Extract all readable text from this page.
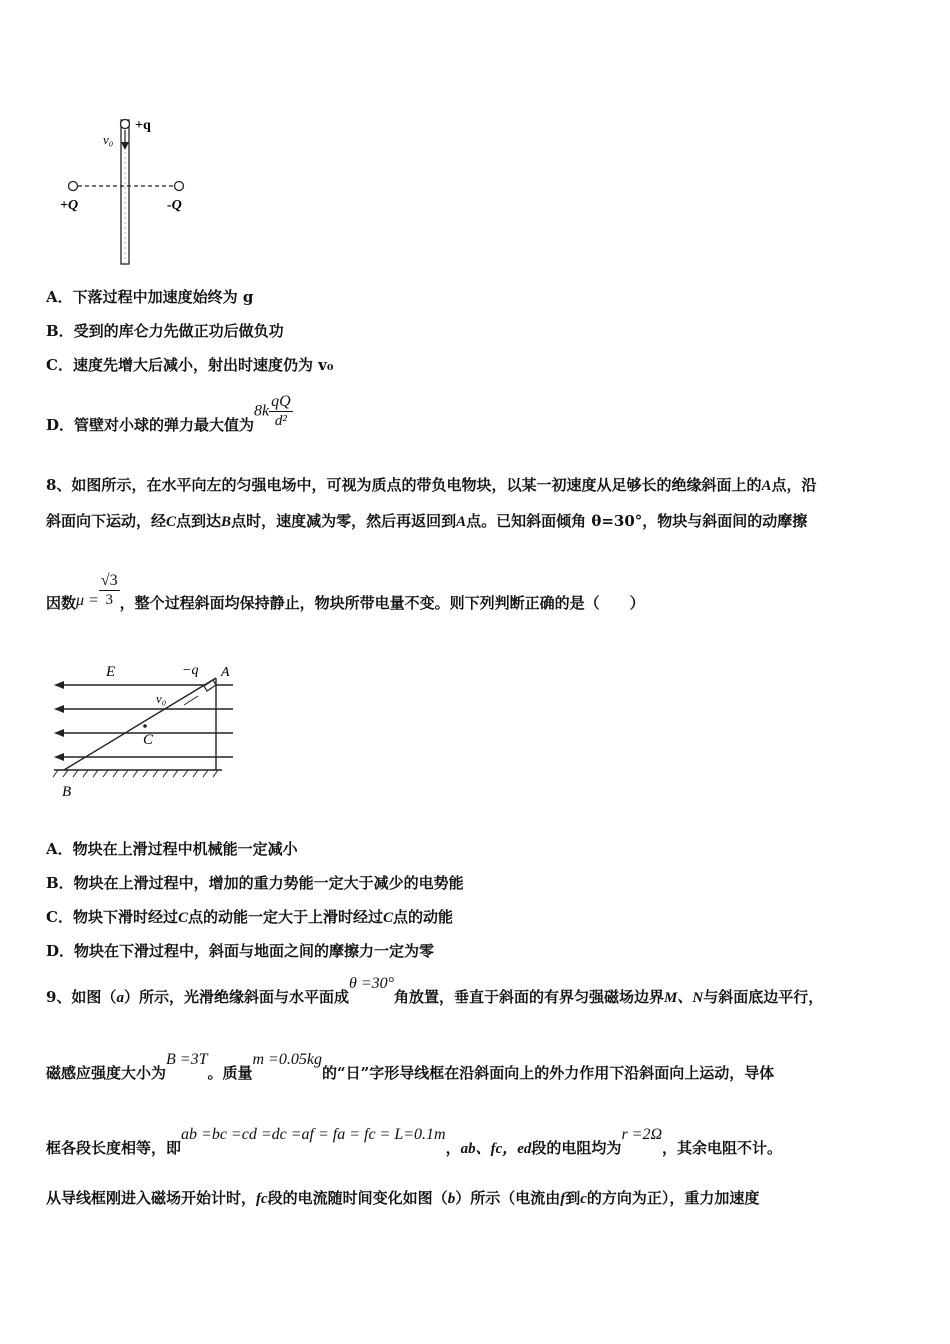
v₀
+q
+Q	-Q
A．下落过程中加速度始终为 g
B．受到的库仑力先做正功后做负功
C．速度先增大后减小，射出时速度仍为 v₀
D．管壁对小球的弹力最大值为$8k \frac{qQ}{\text{d²}}$
8、如图所示，在水平向左的匀强电场中，可视为质点的带负电物块，以某一初速度从足够长的绝缘斜面上的A点，沿
斜面向下运动，经C点到达B点时，速度减为零，然后再返回到A点。已知斜面倾角 θ=30°，物块与斜面间的动摩擦
因数$\mu = \frac{√3}{3}$ ，整个过程斜面均保持静止，物块所带电量不变。则下列判断正确的是（　　）
E	−q A
v₀
C
B
A．物块在上滑过程中机械能一定减小
B．物块在上滑过程中，增加的重力势能一定大于减少的电势能
C．物块下滑时经过C点的动能一定大于上滑时经过C点的动能
D．物块在下滑过程中，斜面与地面之间的摩擦力一定为零
9、如图（a）所示，光滑绝缘斜面与水平面成θ =30°角放置，垂直于斜面的有界匀强磁场边界M、N与斜面底边平行，
磁感应强度大小为B =3T。质量m =0.05kg的“日”字形导线框在沿斜面向上的外力作用下沿斜面向上运动，导体
框各段长度相等，即ab =bc =cd =dc =af = fa = fc = L=0.1m，ab、fc，ed段的电阻均为r =2Ω，其余电阻不计。
从导线框刚进入磁场开始计时，fc段的电流随时间变化如图（b）所示（电流由f到c的方向为正），重力加速度
